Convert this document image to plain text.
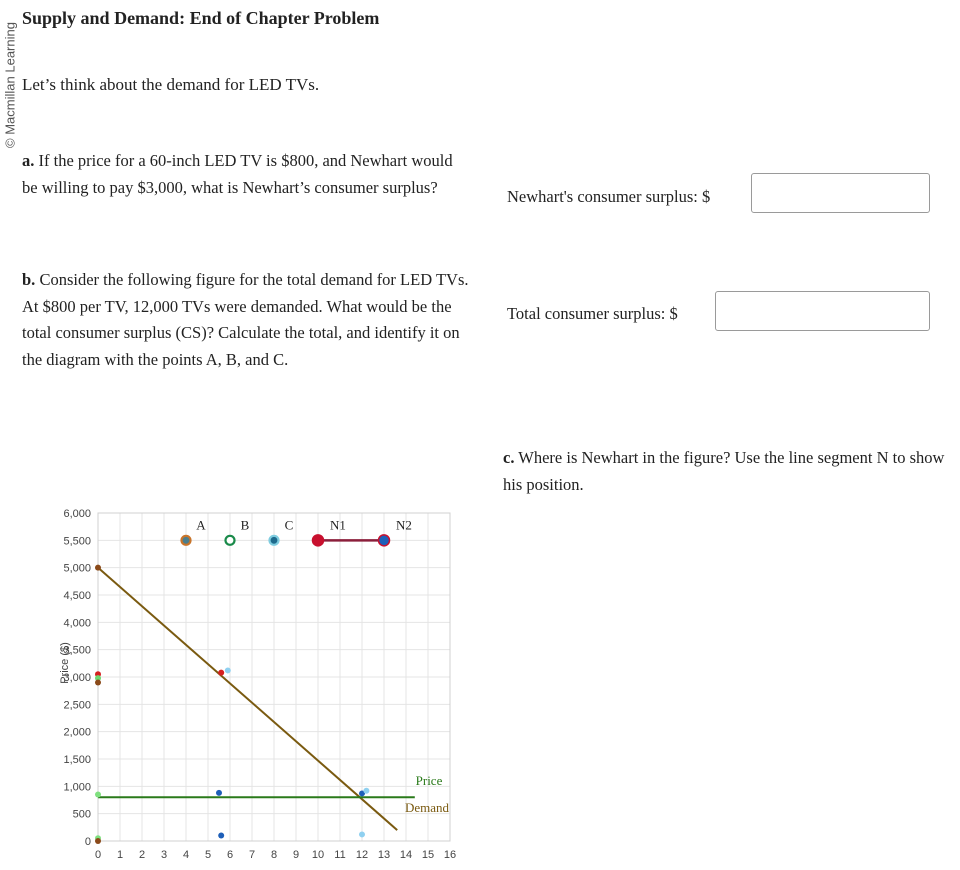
© Macmillan Learning
Supply and Demand: End of Chapter Problem
Let’s think about the demand for LED TVs.
a. If the price for a 60-inch LED TV is $800, and Newhart would be willing to pay $3,000, what is Newhart’s consumer surplus?	Newhart's consumer surplus: $
b. Consider the following figure for the total demand for LED TVs. At $800 per TV, 12,000 TVs were demanded. What would be the total consumer surplus (CS)? Calculate the total, and identify it on the diagram with the points A, B, and C.
Total consumer surplus: $
c. Where is Newhart in the figure? Use the line segment N to show his position.
0
500
1,000
1,500
2,000
2,500
3,000
3,500
4,000
4,500
5,000
5,500
6,000
0 1 2 3 4 5 6 7 8 9 10 11 12 13 14 15 16
Price ($)
A	B	C	N1	N2
Price
Demand
